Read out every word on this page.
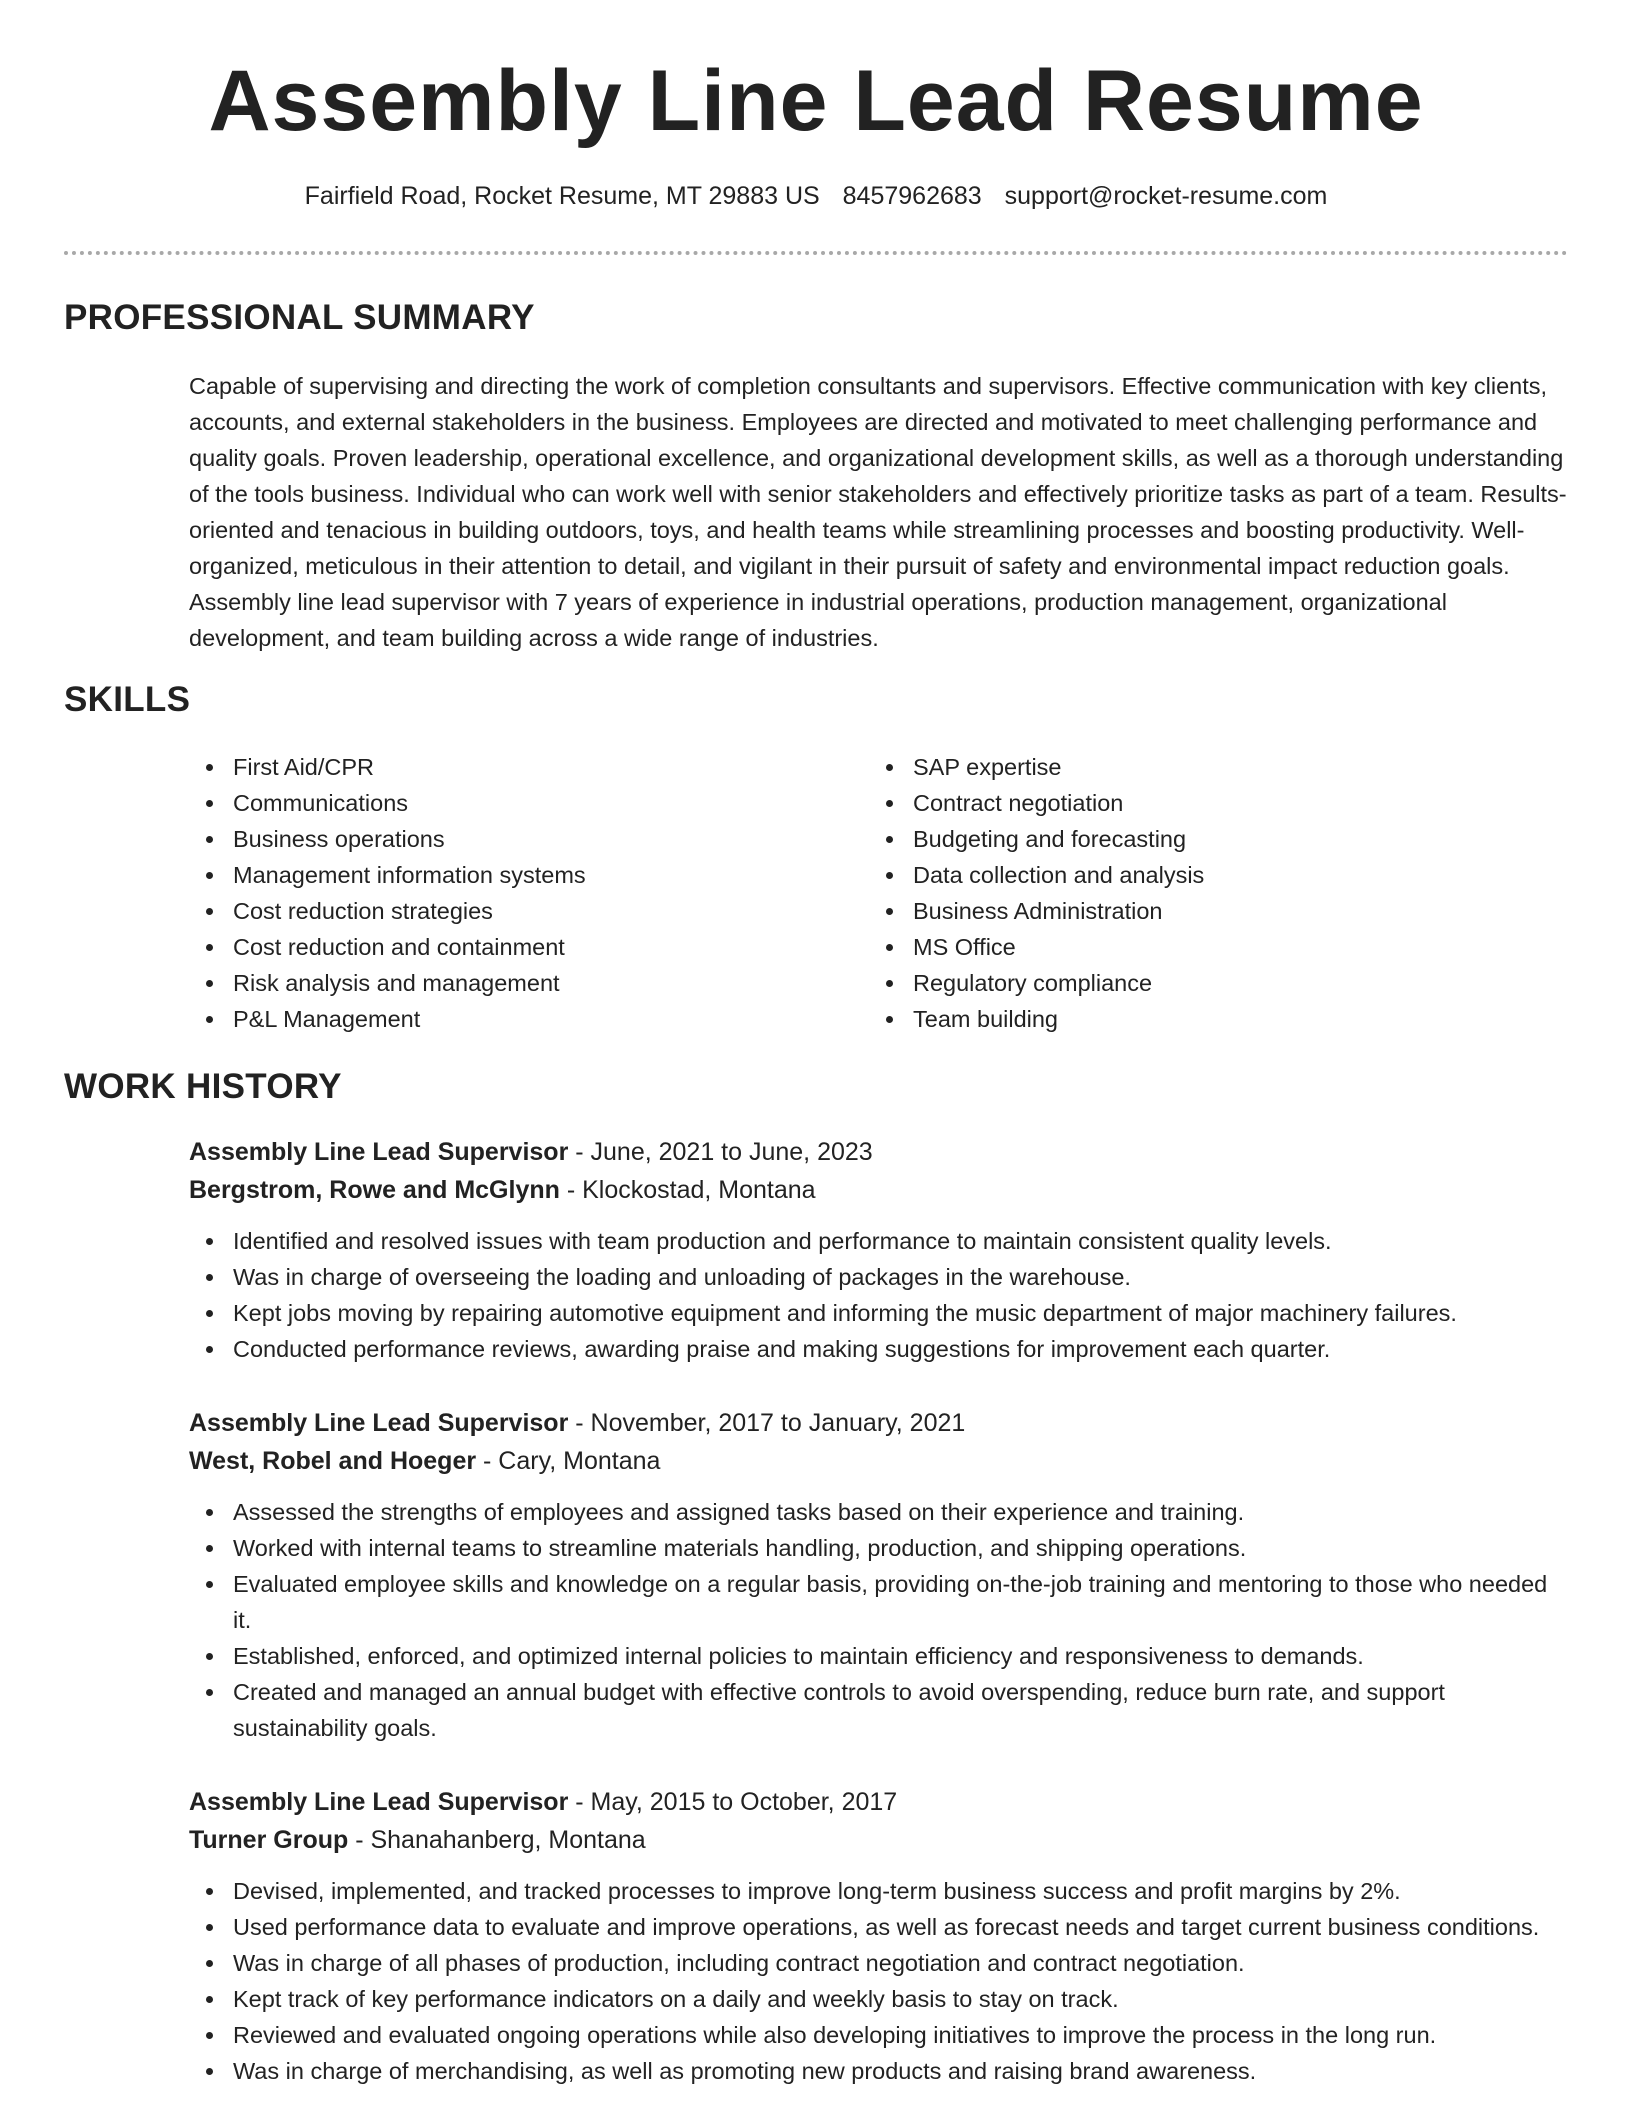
Assembly Line Lead Resume
Fairfield Road, Rocket Resume, MT 29883 US 8457962683 support@rocket-resume.com
PROFESSIONAL SUMMARY

Capable of supervising and directing the work of completion consultants and supervisors. Effective communication with key clients, accounts, and external stakeholders in the business. Employees are directed and motivated to meet challenging performance and quality goals. Proven leadership, operational excellence, and organizational development skills, as well as a thorough understanding of the tools business. Individual who can work well with senior stakeholders and effectively prioritize tasks as part of a team. Results-oriented and tenacious in building outdoors, toys, and health teams while streamlining processes and boosting productivity. Well-organized, meticulous in their attention to detail, and vigilant in their pursuit of safety and environmental impact reduction goals. Assembly line lead supervisor with 7 years of experience in industrial operations, production management, organizational development, and team building across a wide range of industries.

SKILLS
First Aid/CPR
Communications
Business operations
Management information systems
Cost reduction strategies
Cost reduction and containment
Risk analysis and management
P&L Management
SAP expertise
Contract negotiation
Budgeting and forecasting
Data collection and analysis
Business Administration
MS Office
Regulatory compliance
Team building
WORK HISTORY
Assembly Line Lead Supervisor - June, 2021 to June, 2023
Bergstrom, Rowe and McGlynn - Klockostad, Montana
Identified and resolved issues with team production and performance to maintain consistent quality levels.
Was in charge of overseeing the loading and unloading of packages in the warehouse.
Kept jobs moving by repairing automotive equipment and informing the music department of major machinery failures.
Conducted performance reviews, awarding praise and making suggestions for improvement each quarter.
Assembly Line Lead Supervisor - November, 2017 to January, 2021
West, Robel and Hoeger - Cary, Montana
Assessed the strengths of employees and assigned tasks based on their experience and training.
Worked with internal teams to streamline materials handling, production, and shipping operations.
Evaluated employee skills and knowledge on a regular basis, providing on-the-job training and mentoring to those who needed it.
Established, enforced, and optimized internal policies to maintain efficiency and responsiveness to demands.
Created and managed an annual budget with effective controls to avoid overspending, reduce burn rate, and support sustainability goals.
Assembly Line Lead Supervisor - May, 2015 to October, 2017
Turner Group - Shanahanberg, Montana
Devised, implemented, and tracked processes to improve long-term business success and profit margins by 2%.
Used performance data to evaluate and improve operations, as well as forecast needs and target current business conditions.
Was in charge of all phases of production, including contract negotiation and contract negotiation.
Kept track of key performance indicators on a daily and weekly basis to stay on track.
Reviewed and evaluated ongoing operations while also developing initiatives to improve the process in the long run.
Was in charge of merchandising, as well as promoting new products and raising brand awareness.
